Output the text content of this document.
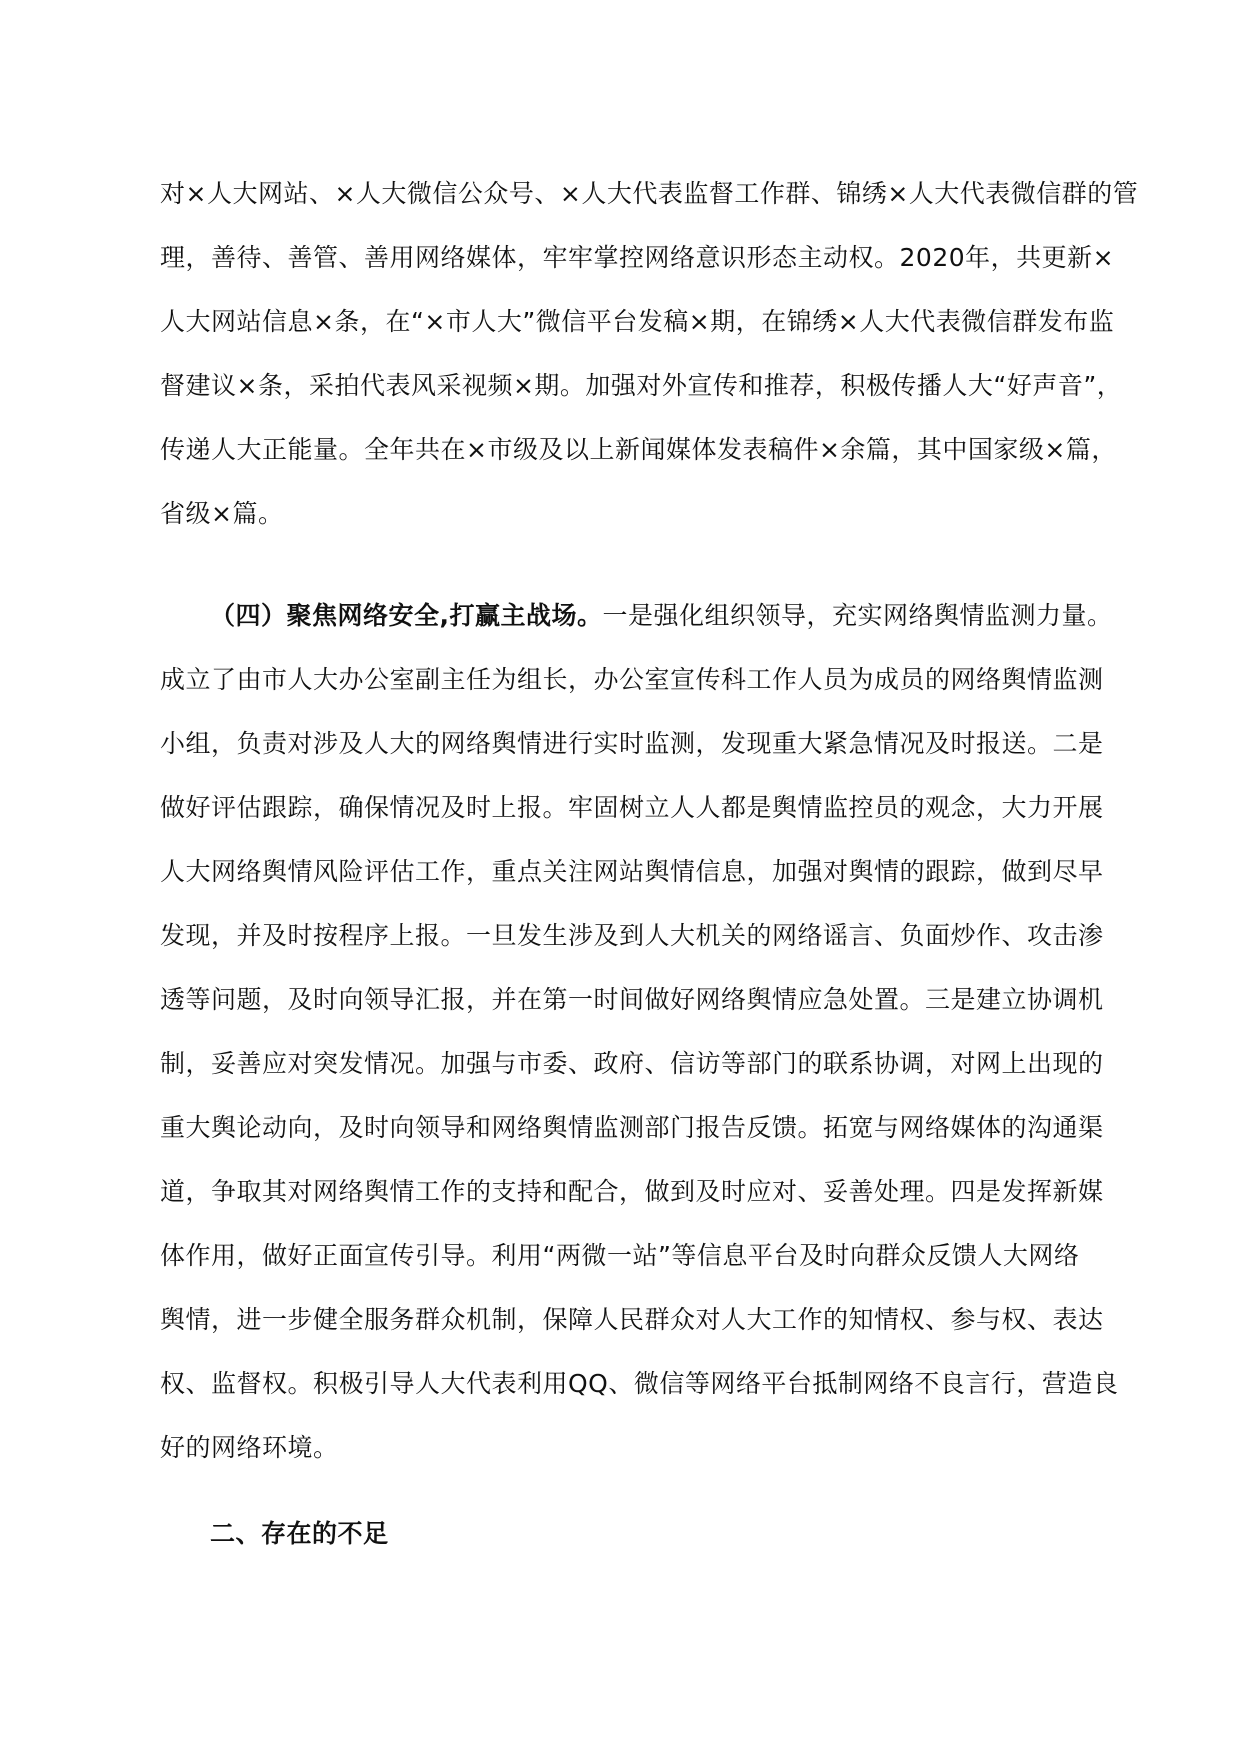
对×人大网站、×人大微信公众号、×人大代表监督工作群、锦绣×人大代表微信群的管
理，善待、善管、善用网络媒体，牢牢掌控网络意识形态主动权。2020年，共更新×
人大网站信息×条，在“×市人大”微信平台发稿×期，在锦绣×人大代表微信群发布监
督建议×条，采拍代表风采视频×期。加强对外宣传和推荐，积极传播人大“好声音”，
传递人大正能量。全年共在×市级及以上新闻媒体发表稿件×余篇，其中国家级×篇，
省级×篇。
（四）聚焦网络安全,打赢主战场。一是强化组织领导，充实网络舆情监测力量。
成立了由市人大办公室副主任为组长，办公室宣传科工作人员为成员的网络舆情监测
小组，负责对涉及人大的网络舆情进行实时监测，发现重大紧急情况及时报送。二是
做好评估跟踪，确保情况及时上报。牢固树立人人都是舆情监控员的观念，大力开展
人大网络舆情风险评估工作，重点关注网站舆情信息，加强对舆情的跟踪，做到尽早
发现，并及时按程序上报。一旦发生涉及到人大机关的网络谣言、负面炒作、攻击渗
透等问题，及时向领导汇报，并在第一时间做好网络舆情应急处置。三是建立协调机
制，妥善应对突发情况。加强与市委、政府、信访等部门的联系协调，对网上出现的
重大舆论动向，及时向领导和网络舆情监测部门报告反馈。拓宽与网络媒体的沟通渠
道，争取其对网络舆情工作的支持和配合，做到及时应对、妥善处理。四是发挥新媒
体作用，做好正面宣传引导。利用“两微一站”等信息平台及时向群众反馈人大网络
舆情，进一步健全服务群众机制，保障人民群众对人大工作的知情权、参与权、表达
权、监督权。积极引导人大代表利用QQ、微信等网络平台抵制网络不良言行，营造良
好的网络环境。
二、存在的不足
